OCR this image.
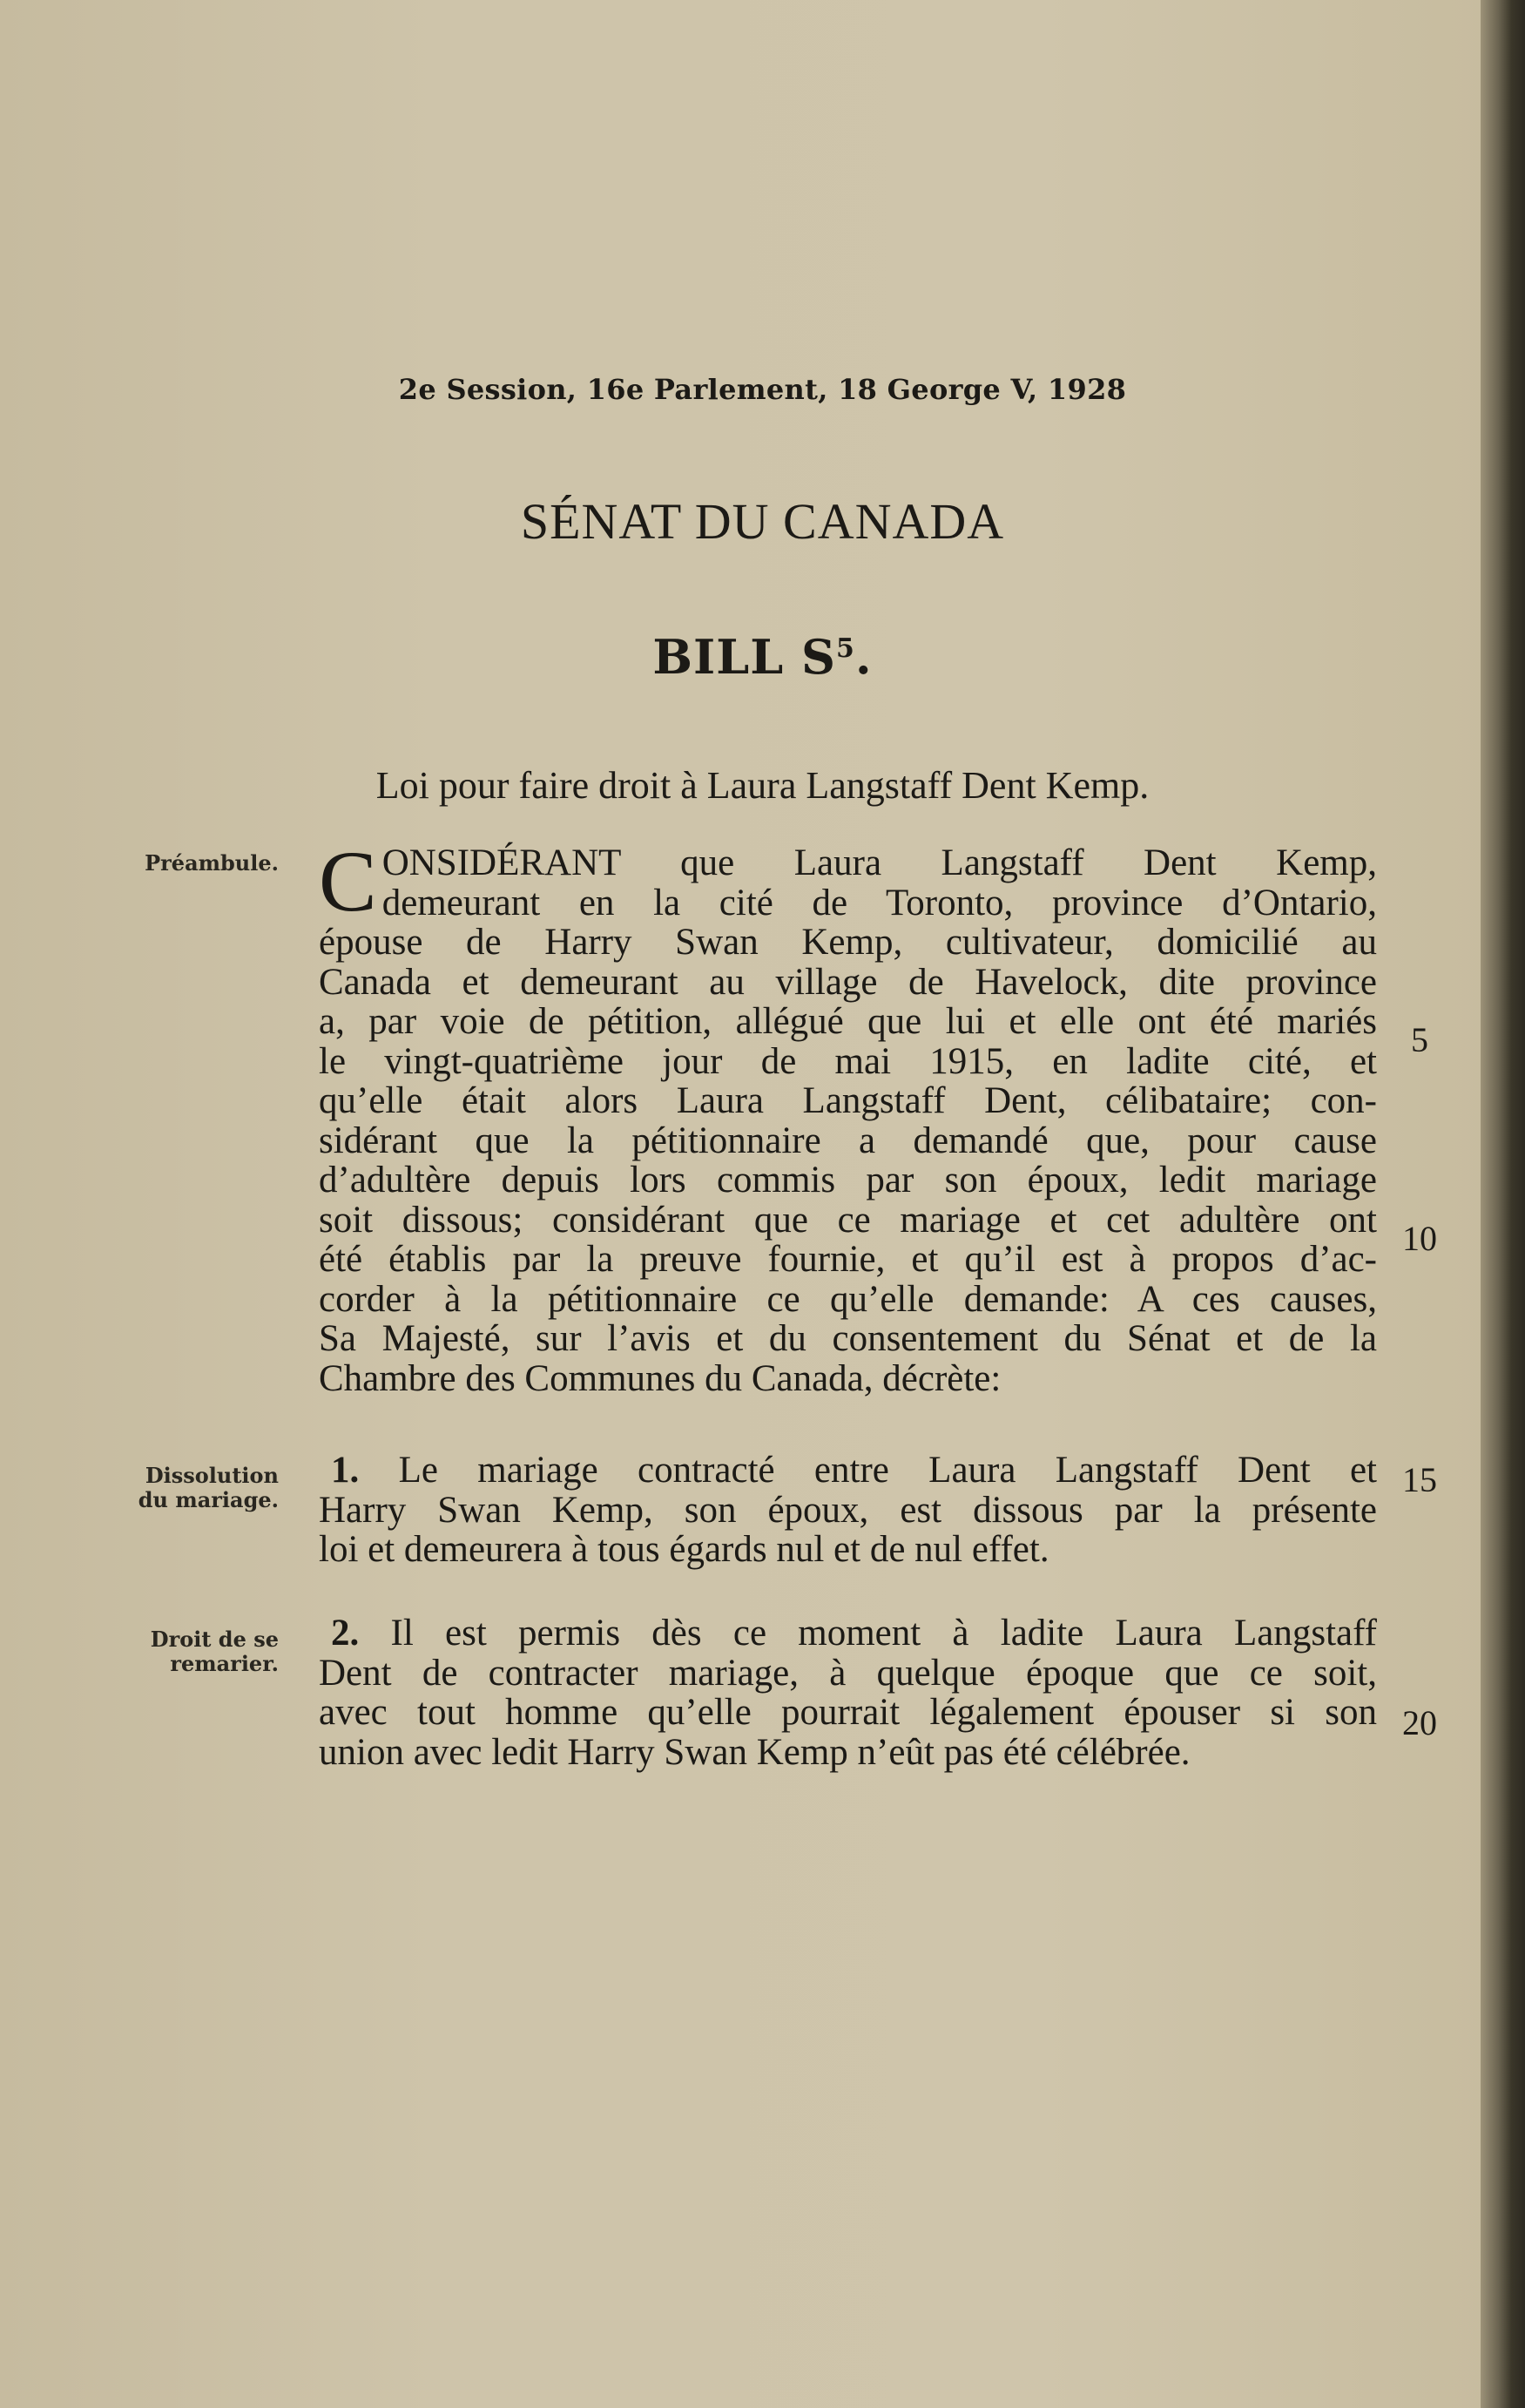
2e Session, 16e Parlement, 18 George V, 1928
SÉNAT DU CANADA
BILL $S^5$.
Loi pour faire droit à Laura Langstaff Dent Kemp.
Préambule.
Dissolution
du mariage.
Droit de se
remarier.
C ONSIDÉRANT que Laura Langstaff Dent Kemp,
demeurant en la cité de Toronto, province d’Ontario,
épouse de Harry Swan Kemp, cultivateur, domicilié au
Canada et demeurant au village de Havelock, dite province
a, par voie de pétition, allégué que lui et elle ont été mariés
le vingt-quatrième jour de mai 1915, en ladite cité, et
qu’elle était alors Laura Langstaff Dent, célibataire; con-
sidérant que la pétitionnaire a demandé que, pour cause
d’adultère depuis lors commis par son époux, ledit mariage
soit dissous; considérant que ce mariage et cet adultère ont
été établis par la preuve fournie, et qu’il est à propos d’ac-
corder à la pétitionnaire ce qu’elle demande: A ces causes,
Sa Majesté, sur l’avis et du consentement du Sénat et de la
Chambre des Communes du Canada, décrète:
1. Le mariage contracté entre Laura Langstaff Dent et
Harry Swan Kemp, son époux, est dissous par la présente
loi et demeurera à tous égards nul et de nul effet.
2. Il est permis dès ce moment à ladite Laura Langstaff
Dent de contracter mariage, à quelque époque que ce soit,
avec tout homme qu’elle pourrait légalement épouser si son
union avec ledit Harry Swan Kemp n’eût pas été célébrée.
5
10
15
20
